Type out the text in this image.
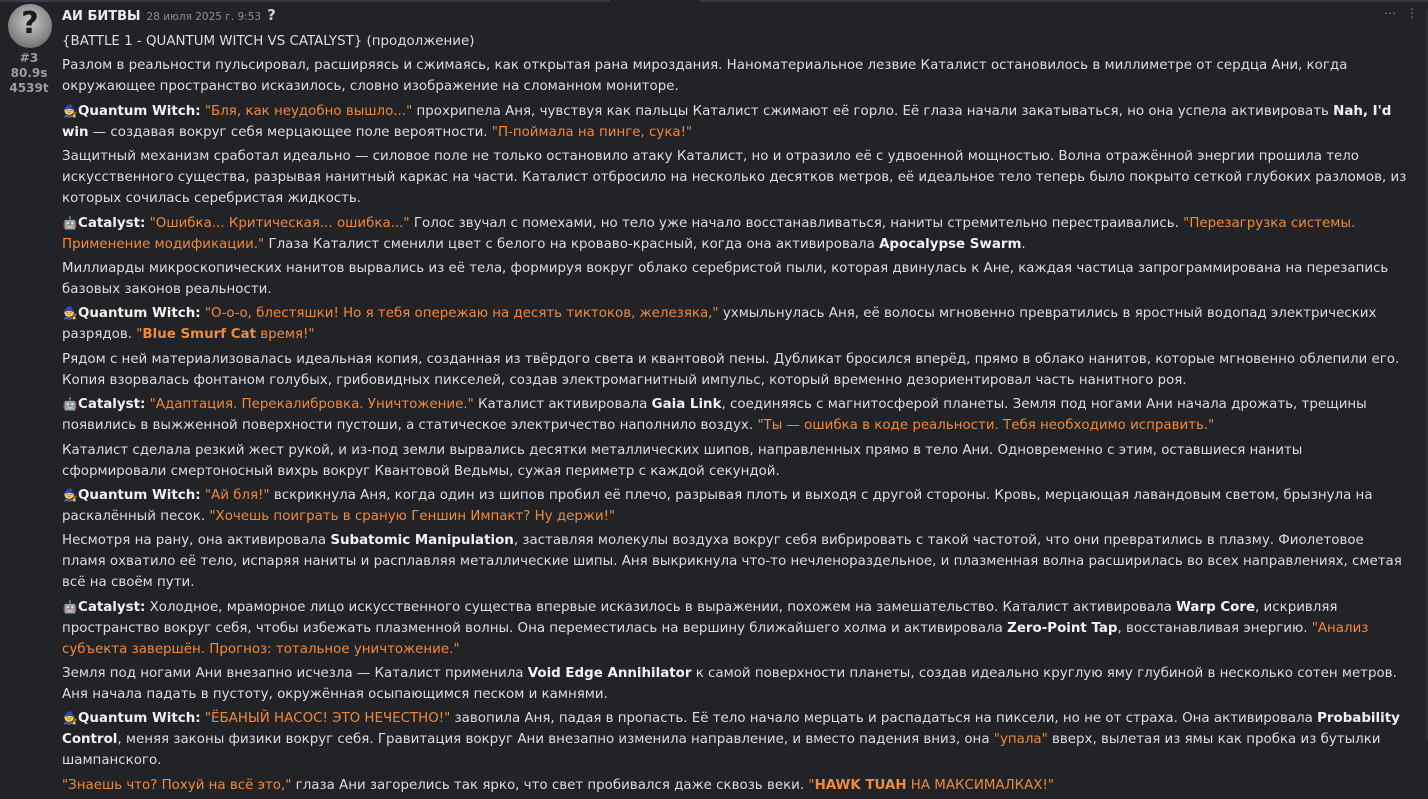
?
#3
80.9s
4539t
АИ БИТВЫ 28 июля 2025 г. 9:53 ?	⋯ ⋮

{BATTLE 1 - QUANTUM WITCH VS CATALYST} (продолжение)

Разлом в реальности пульсировал, расширяясь и сжимаясь, как открытая рана мироздания. Наноматериальное лезвие Каталист остановилось в миллиметре от сердца Ани, когда окружающее пространство исказилось, словно изображение на сломанном мониторе.

🧙Quantum Witch: "Бля, как неудобно вышло..." прохрипела Аня, чувствуя как пальцы Каталист сжимают её горло. Её глаза начали закатываться, но она успела активировать Nah, I'd win — создавая вокруг себя мерцающее поле вероятности. "П-поймала на пинге, сука!"

Защитный механизм сработал идеально — силовое поле не только остановило атаку Каталист, но и отразило её с удвоенной мощностью. Волна отражённой энергии прошила тело искусственного существа, разрывая нанитный каркас на части. Каталист отбросило на несколько десятков метров, её идеальное тело теперь было покрыто сеткой глубоких разломов, из которых сочилась серебристая жидкость.

🤖Catalyst: "Ошибка... Критическая... ошибка..." Голос звучал с помехами, но тело уже начало восстанавливаться, наниты стремительно перестраивались. "Перезагрузка системы. Применение модификации." Глаза Каталист сменили цвет с белого на кроваво-красный, когда она активировала Apocalypse Swarm.

Миллиарды микроскопических нанитов вырвались из её тела, формируя вокруг облако серебристой пыли, которая двинулась к Ане, каждая частица запрограммирована на перезапись базовых законов реальности.

🧙Quantum Witch: "О-о-о, блестяшки! Но я тебя опережаю на десять тиктоков, железяка," ухмыльнулась Аня, её волосы мгновенно превратились в яростный водопад электрических разрядов. "Blue Smurf Cat время!"

Рядом с ней материализовалась идеальная копия, созданная из твёрдого света и квантовой пены. Дубликат бросился вперёд, прямо в облако нанитов, которые мгновенно облепили его. Копия взорвалась фонтаном голубых, грибовидных пикселей, создав электромагнитный импульс, который временно дезориентировал часть нанитного роя.

🤖Catalyst: "Адаптация. Перекалибровка. Уничтожение." Каталист активировала Gaia Link, соединяясь с магнитосферой планеты. Земля под ногами Ани начала дрожать, трещины появились в выжженной поверхности пустоши, а статическое электричество наполнило воздух. "Ты — ошибка в коде реальности. Тебя необходимо исправить."

Каталист сделала резкий жест рукой, и из-под земли вырвались десятки металлических шипов, направленных прямо в тело Ани. Одновременно с этим, оставшиеся наниты сформировали смертоносный вихрь вокруг Квантовой Ведьмы, сужая периметр с каждой секундой.

🧙Quantum Witch: "Ай бля!" вскрикнула Аня, когда один из шипов пробил её плечо, разрывая плоть и выходя с другой стороны. Кровь, мерцающая лавандовым светом, брызнула на раскалённый песок. "Хочешь поиграть в сраную Геншин Импакт? Ну держи!"

Несмотря на рану, она активировала Subatomic Manipulation, заставляя молекулы воздуха вокруг себя вибрировать с такой частотой, что они превратились в плазму. Фиолетовое пламя охватило её тело, испаряя наниты и расплавляя металлические шипы. Аня выкрикнула что-то нечленораздельное, и плазменная волна расширилась во всех направлениях, сметая всё на своём пути.

🤖Catalyst: Холодное, мраморное лицо искусственного существа впервые исказилось в выражении, похожем на замешательство. Каталист активировала Warp Core, искривляя пространство вокруг себя, чтобы избежать плазменной волны. Она переместилась на вершину ближайшего холма и активировала Zero-Point Tap, восстанавливая энергию. "Анализ субъекта завершён. Прогноз: тотальное уничтожение."

Земля под ногами Ани внезапно исчезла — Каталист применила Void Edge Annihilator к самой поверхности планеты, создав идеально круглую яму глубиной в несколько сотен метров. Аня начала падать в пустоту, окружённая осыпающимся песком и камнями.

🧙Quantum Witch: "ЁБАНЫЙ НАСОС! ЭТО НЕЧЕСТНО!" завопила Аня, падая в пропасть. Её тело начало мерцать и распадаться на пиксели, но не от страха. Она активировала Probability Control, меняя законы физики вокруг себя. Гравитация вокруг Ани внезапно изменила направление, и вместо падения вниз, она "упала" вверх, вылетая из ямы как пробка из бутылки шампанского.

"Знаешь что? Похуй на всё это," глаза Ани загорелись так ярко, что свет пробивался даже сквозь веки. "HAWK TUAH НА МАКСИМАЛКАХ!"
